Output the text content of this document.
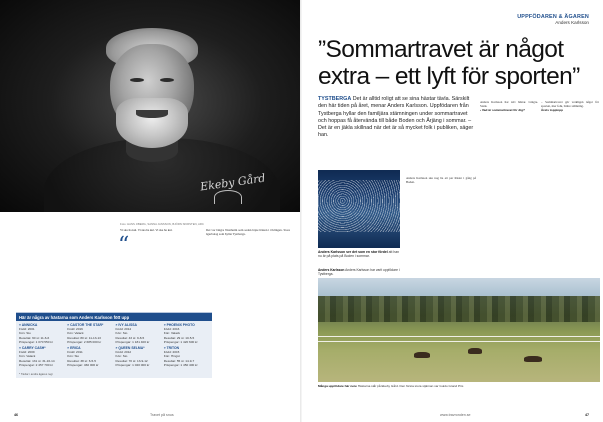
Ekeby Gård
Foto: HANS JIBERG, SANNA JANSSON, BJÖRN SKIRSTEN, ARC
“
Vi ska ha kul. Vi ska ha kul. Vi ska ha kul.	Det var längre Westheim som sedan löpte hästen i tävlingen. Stora ägarbolag som hyllar Tystberga.
Här är några av hästarna som Anders Karlsson fött upp
» ANNICKA
Född: 2001
Kön: Sto
Resultat: 60 st: 11-6-6
Prispengar: 1 070 550 kr
» CASTOR THE STAR*
Född: 2016
Kön: Valack
Resultat: 80 st: 11-13-13
Prispengar: 2 685 000 kr
» IVY ALISSA
Född: 2014
Kön: Sto
Resultat: 43 st: 9-8-5
Prispengar: 1 181 400 kr
» PHOENIX PHOTO
Född: 2016
Kön: Valack
Resultat: 29 st: 10-5-5
Prispengar: 1 420 600 kr
» CARRY CASH*
Född: 2009
Kön: Valack
Resultat: 131 st: 31-16-14
Prispengar: 2 457 700 kr
» ERICA
Född: 2011
Kön: Sto
Resultat: 38 st: 6-5-5
Prispengar: 460 000 kr
» QUEEN SELMA*
Född: 2012
Kön: Sto
Resultat: 70 st: 13-9-12
Prispengar: 1 020 000 kr
» TRITON
Född: 2015
Kön: Hingst
Resultat: 55 st: 14-9-7
Prispengar: 1 450 400 kr
* Tävlar i andra ägares regi
46	Travet på snus
UPPFÖDAREN & ÄGAREN
Anders Karlsson
”Sommartravet är något extra – ett lyft för sporten”
TYSTBERGA Det är alltid roligt att se sina hästar tävla. Särskilt den här tiden på året, menar Anders Karlsson. Uppfödaren från Tystberga hyllar den familjära stämningen under sommartravet och hoppas få återvända till både Boden och Årjäng i sommar. – Det är en jäkla skillnad när det är så mycket folk i publiken, säger han.
Anders Karlsson ser det som en stor fördel att han nu är på plats på Boden i sommar.
Anders Karlsson Anders Karlsson har varit uppfödare i Tystberga.
Anders Karlsson ska nog ha ett par hästar i gång på Boden.
Anders Karlsson har tolv hästar. Längre. Stark.
› Vad är sommartravet för dig?
– Sommartravet gör verkligen något för sporten, mer folk, bättre stämning.
Årets topplopp
Många uppfödare här nere Hästarna står på Ekeby Gård. Den första stora stjärnan var Guido Grand Prix.
www.travronden.se	47
